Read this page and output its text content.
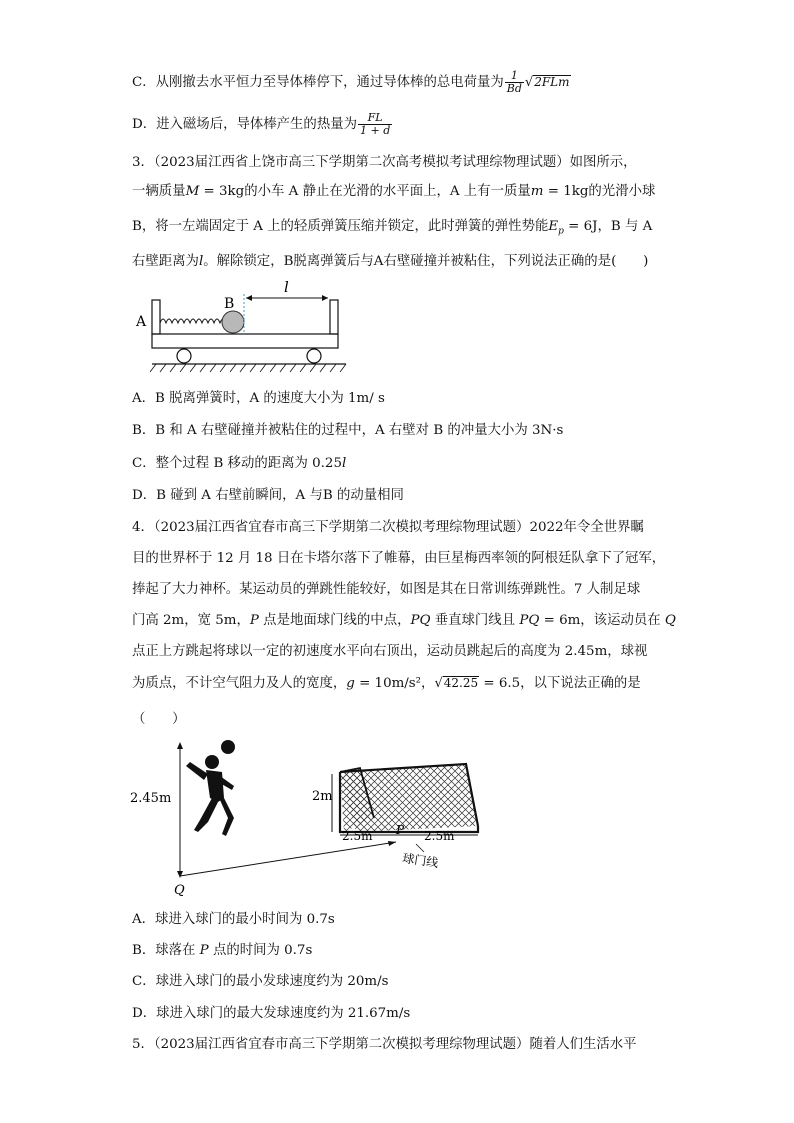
C．从刚撤去水平恒力至导体棒停下，通过导体棒的总电荷量为 $\frac{1}{Bd} √2FLm$
D．进入磁场后，导体棒产生的热量为 $\frac{FL}{1 + d}$
3．（2023届江西省上饶市高三下学期第二次高考模拟考试理综物理试题）如图所示，
一辆质量M = 3kg的小车 A 静止在光滑的水平面上，A 上有一质量m = 1kg的光滑小球
B，将一左端固定于 A 上的轻质弹簧压缩并锁定，此时弹簧的弹性势能$E_p = 6J$，B 与 A
右壁距离为l。解除锁定，B脱离弹簧后与A右壁碰撞并被粘住，下列说法正确的是(　　)
A
B
l
A．B 脱离弹簧时，A 的速度大小为 1m/ s
B．B 和 A 右壁碰撞并被粘住的过程中，A 右壁对 B 的冲量大小为 3N·s
C．整个过程 B 移动的距离为 0.25l
D．B 碰到 A 右壁前瞬间，A 与B 的动量相同
4．（2023届江西省宜春市高三下学期第二次模拟考理综物理试题）2022年令全世界瞩
目的世界杯于 12 月 18 日在卡塔尔落下了帷幕，由巨星梅西率领的阿根廷队拿下了冠军，
捧起了大力神杯。某运动员的弹跳性能较好，如图是其在日常训练弹跳性。7 人制足球
门高 2m，宽 5m，P 点是地面球门线的中点，PQ 垂直球门线且 PQ = 6m，该运动员在 Q
点正上方跳起将球以一定的初速度水平向右顶出，运动员跳起后的高度为 2.45m，球视
为质点，不计空气阻力及人的宽度，g = 10m/s²，√42.25 = 6.5，以下说法正确的是
（　　）
2.45m
Q
2m
2.5m P 2.5m
球门线
A．球进入球门的最小时间为 0.7s
B．球落在 P 点的时间为 0.7s
C．球进入球门的最小发球速度约为 20m/s
D．球进入球门的最大发球速度约为 21.67m/s
5．（2023届江西省宜春市高三下学期第二次模拟考理综物理试题）随着人们生活水平
